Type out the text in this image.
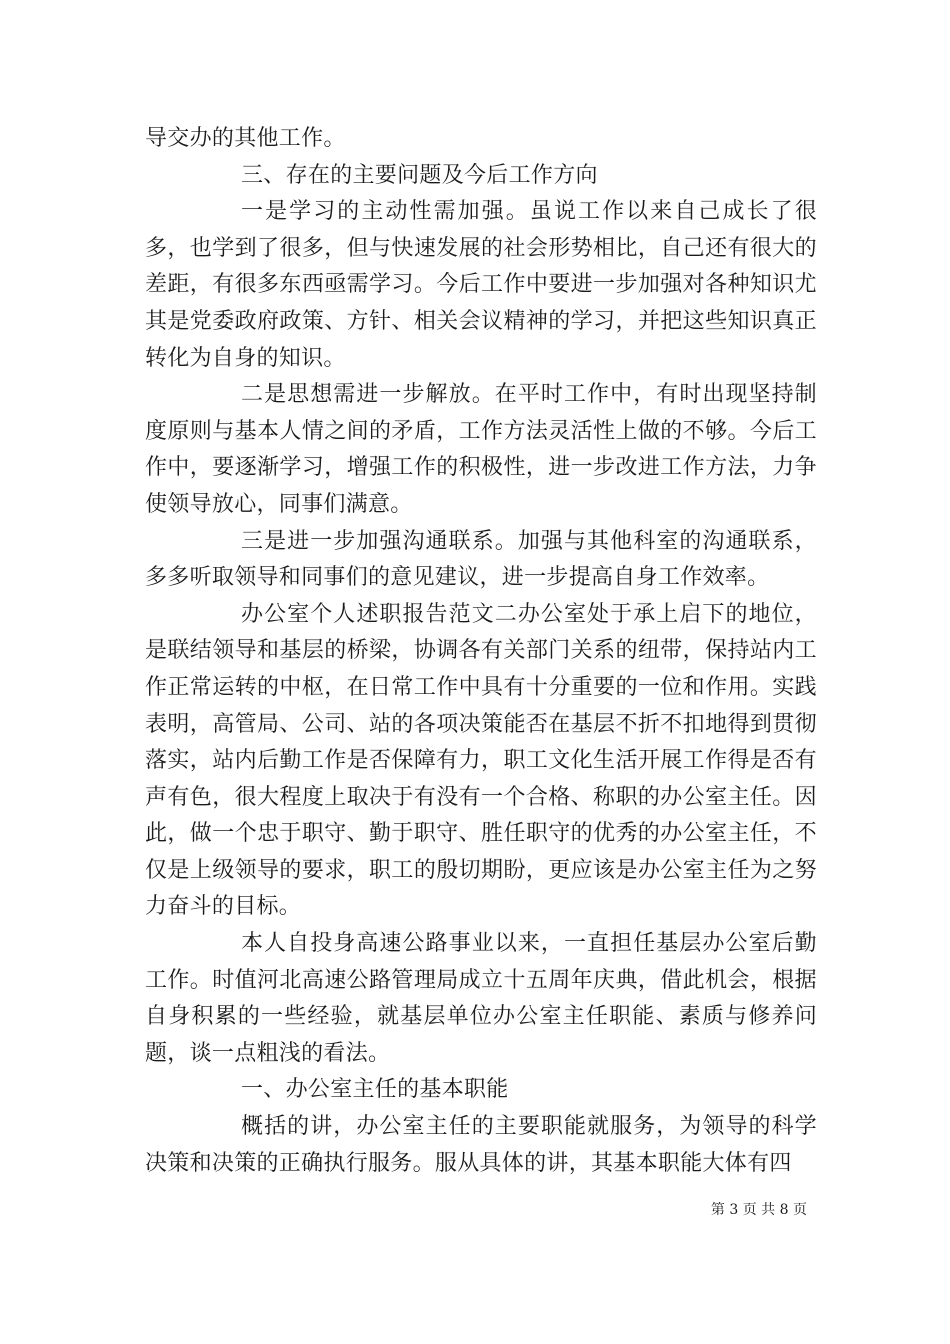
导交办的其他工作。

三、存在的主要问题及今后工作方向

一是学习的主动性需加强。虽说工作以来自己成长了很多，也学到了很多，但与快速发展的社会形势相比，自己还有很大的差距，有很多东西亟需学习。今后工作中要进一步加强对各种知识尤其是党委政府政策、方针、相关会议精神的学习，并把这些知识真正转化为自身的知识。

二是思想需进一步解放。在平时工作中，有时出现坚持制度原则与基本人情之间的矛盾，工作方法灵活性上做的不够。今后工作中，要逐渐学习，增强工作的积极性，进一步改进工作方法，力争使领导放心，同事们满意。

三是进一步加强沟通联系。加强与其他科室的沟通联系，多多听取领导和同事们的意见建议，进一步提高自身工作效率。

办公室个人述职报告范文二办公室处于承上启下的地位，是联结领导和基层的桥梁，协调各有关部门关系的纽带，保持站内工作正常运转的中枢，在日常工作中具有十分重要的一位和作用。实践表明，高管局、公司、站的各项决策能否在基层不折不扣地得到贯彻落实，站内后勤工作是否保障有力，职工文化生活开展工作得是否有声有色，很大程度上取决于有没有一个合格、称职的办公室主任。因此，做一个忠于职守、勤于职守、胜任职守的优秀的办公室主任，不仅是上级领导的要求，职工的殷切期盼，更应该是办公室主任为之努力奋斗的目标。

本人自投身高速公路事业以来，一直担任基层办公室后勤工作。时值河北高速公路管理局成立十五周年庆典，借此机会，根据自身积累的一些经验，就基层单位办公室主任职能、素质与修养问题，谈一点粗浅的看法。

一、办公室主任的基本职能

概括的讲，办公室主任的主要职能就服务，为领导的科学决策和决策的正确执行服务。服从具体的讲，其基本职能大体有四

第 3 页 共 8 页
